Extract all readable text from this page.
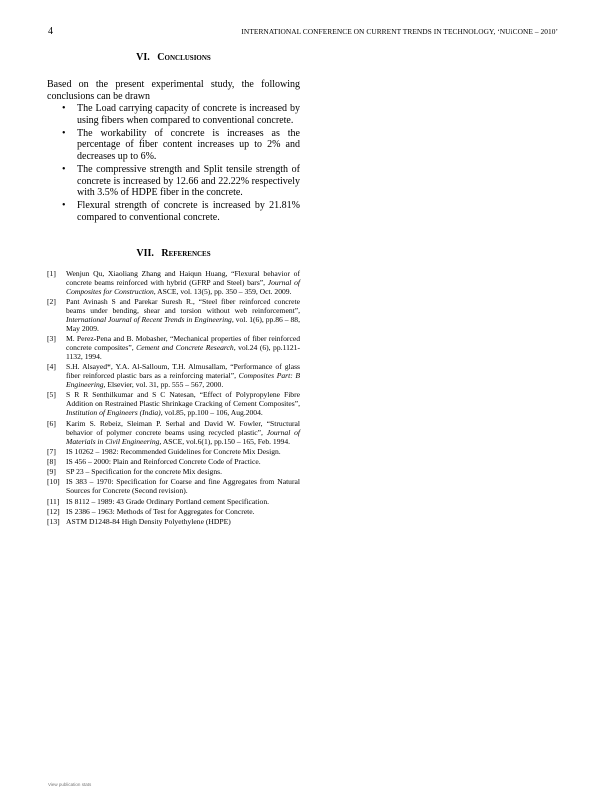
4	INTERNATIONAL CONFERENCE ON CURRENT TRENDS IN TECHNOLOGY, ‘NUiCONE – 2010’
VI. Conclusions

Based on the present experimental study, the following conclusions can be drawn

• The Load carrying capacity of concrete is increased by using fibers when compared to conventional concrete.
• The workability of concrete is increases as the percentage of fiber content increases up to 2% and decreases up to 6%.
• The compressive strength and Split tensile strength of concrete is increased by 12.66 and 22.22% respectively with 3.5% of HDPE fiber in the concrete.
• Flexural strength of concrete is increased by 21.81% compared to conventional concrete.
VII. References
[1] Wenjun Qu, Xiaoliang Zhang and Haiqun Huang, “Flexural behavior of concrete beams reinforced with hybrid (GFRP and Steel) bars”, Journal of Composites for Construction, ASCE, vol. 13(5), pp. 350 – 359, Oct. 2009.
[2] Pant Avinash S and Parekar Suresh R., “Steel fiber reinforced concrete beams under bending, shear and torsion without web reinforcement”, International Journal of Recent Trends in Engineering, vol. 1(6), pp.86 – 88, May 2009.
[3] M. Perez-Pena and B. Mobasher, “Mechanical properties of fiber reinforced concrete composites”, Cement and Concrete Research, vol.24 (6), pp.1121-1132, 1994.
[4] S.H. Alsayed*, Y.A. Al-Salloum, T.H. Almusallam, “Performance of glass fiber reinforced plastic bars as a reinforcing material”, Composites Part: B Engineering, Elsevier, vol. 31, pp. 555 – 567, 2000.
[5] S R R Senthilkumar and S C Natesan, “Effect of Polypropylene Fibre Addition on Restrained Plastic Shrinkage Cracking of Cement Composites”, Institution of Engineers (India), vol.85, pp.100 – 106, Aug.2004.
[6] Karim S. Rebeiz, Sleiman P. Serhal and David W. Fowler, “Structural behavior of polymer concrete beams using recycled plastic”, Journal of Materials in Civil Engineering, ASCE, vol.6(1), pp.150 – 165, Feb. 1994.
[7] IS 10262 – 1982: Recommended Guidelines for Concrete Mix Design.
[8] IS 456 – 2000: Plain and Reinforced Concrete Code of Practice.
[9] SP 23 – Specification for the concrete Mix designs.
[10] IS 383 – 1970: Specification for Coarse and fine Aggregates from Natural Sources for Concrete (Second revision).
[11] IS 8112 – 1989: 43 Grade Ordinary Portland cement Specification.
[12] IS 2386 – 1963: Methods of Test for Aggregates for Concrete.
[13] ASTM D1248-84 High Density Polyethylene (HDPE)
View publication stats
